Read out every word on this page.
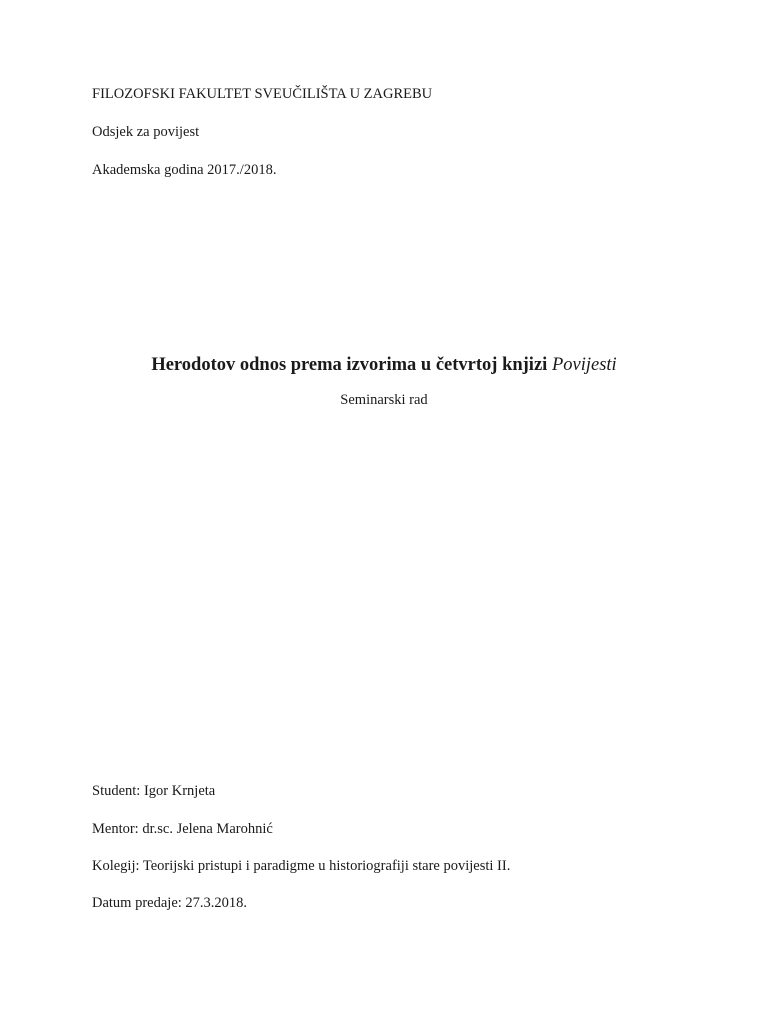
FILOZOFSKI FAKULTET SVEUČILIŠTA U ZAGREBU
Odsjek za povijest
Akademska godina 2017./2018.
Herodotov odnos prema izvorima u četvrtoj knjizi Povijesti
Seminarski rad
Student: Igor Krnjeta
Mentor: dr.sc. Jelena Marohnić
Kolegij: Teorijski pristupi i paradigme u historiografiji stare povijesti II.
Datum predaje: 27.3.2018.
